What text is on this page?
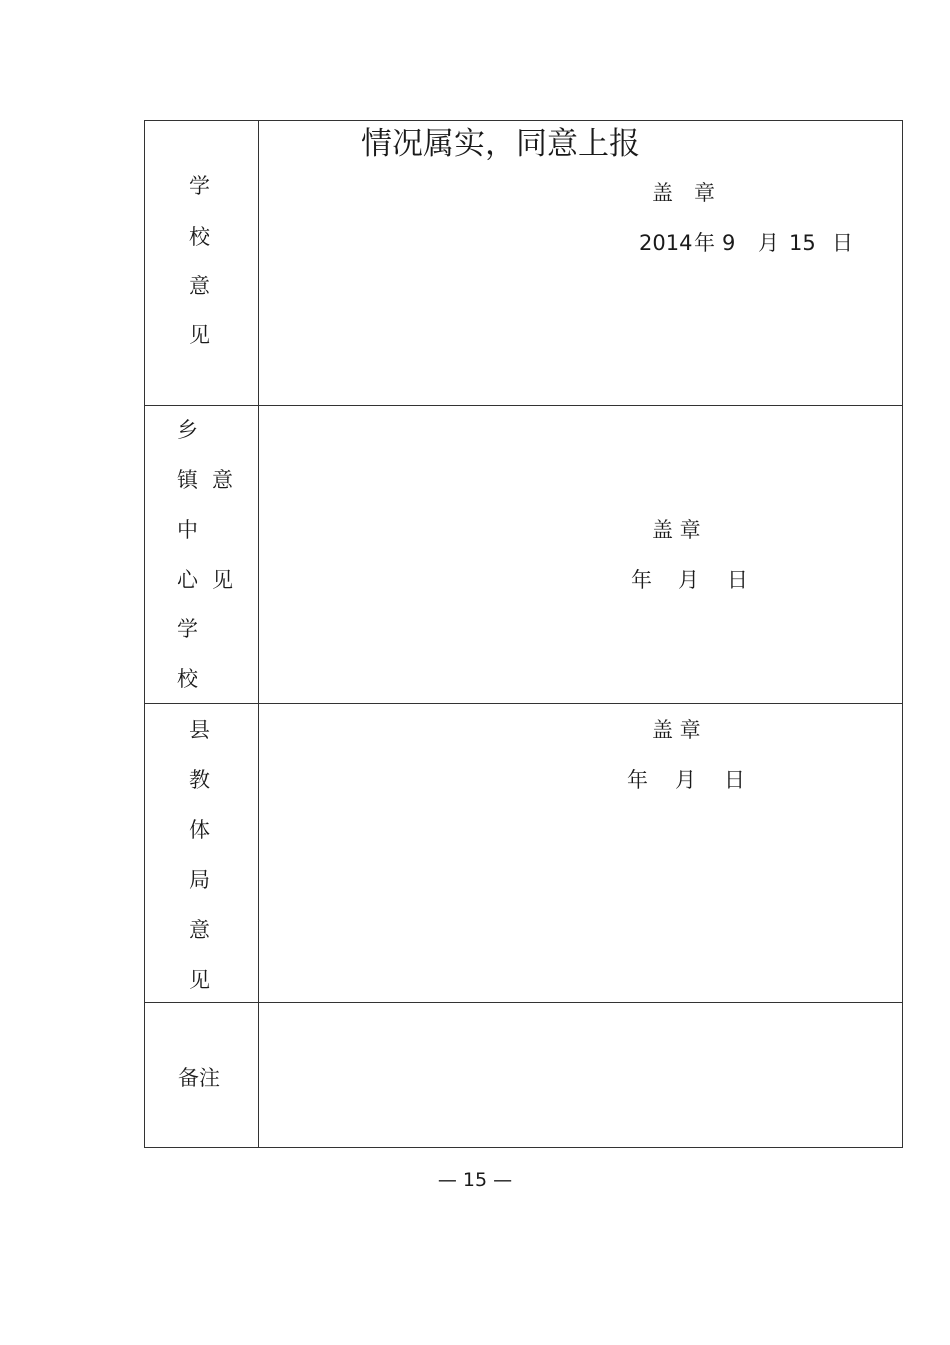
学
校
意
见
情况属实，同意上报
盖　章
2014 年 9 月 15 日
乡
镇
中
心
学
校
意
见
盖 章
年 月 日
县
教
体
局
意
见
盖 章
年 月 日
备注
— 15 —
